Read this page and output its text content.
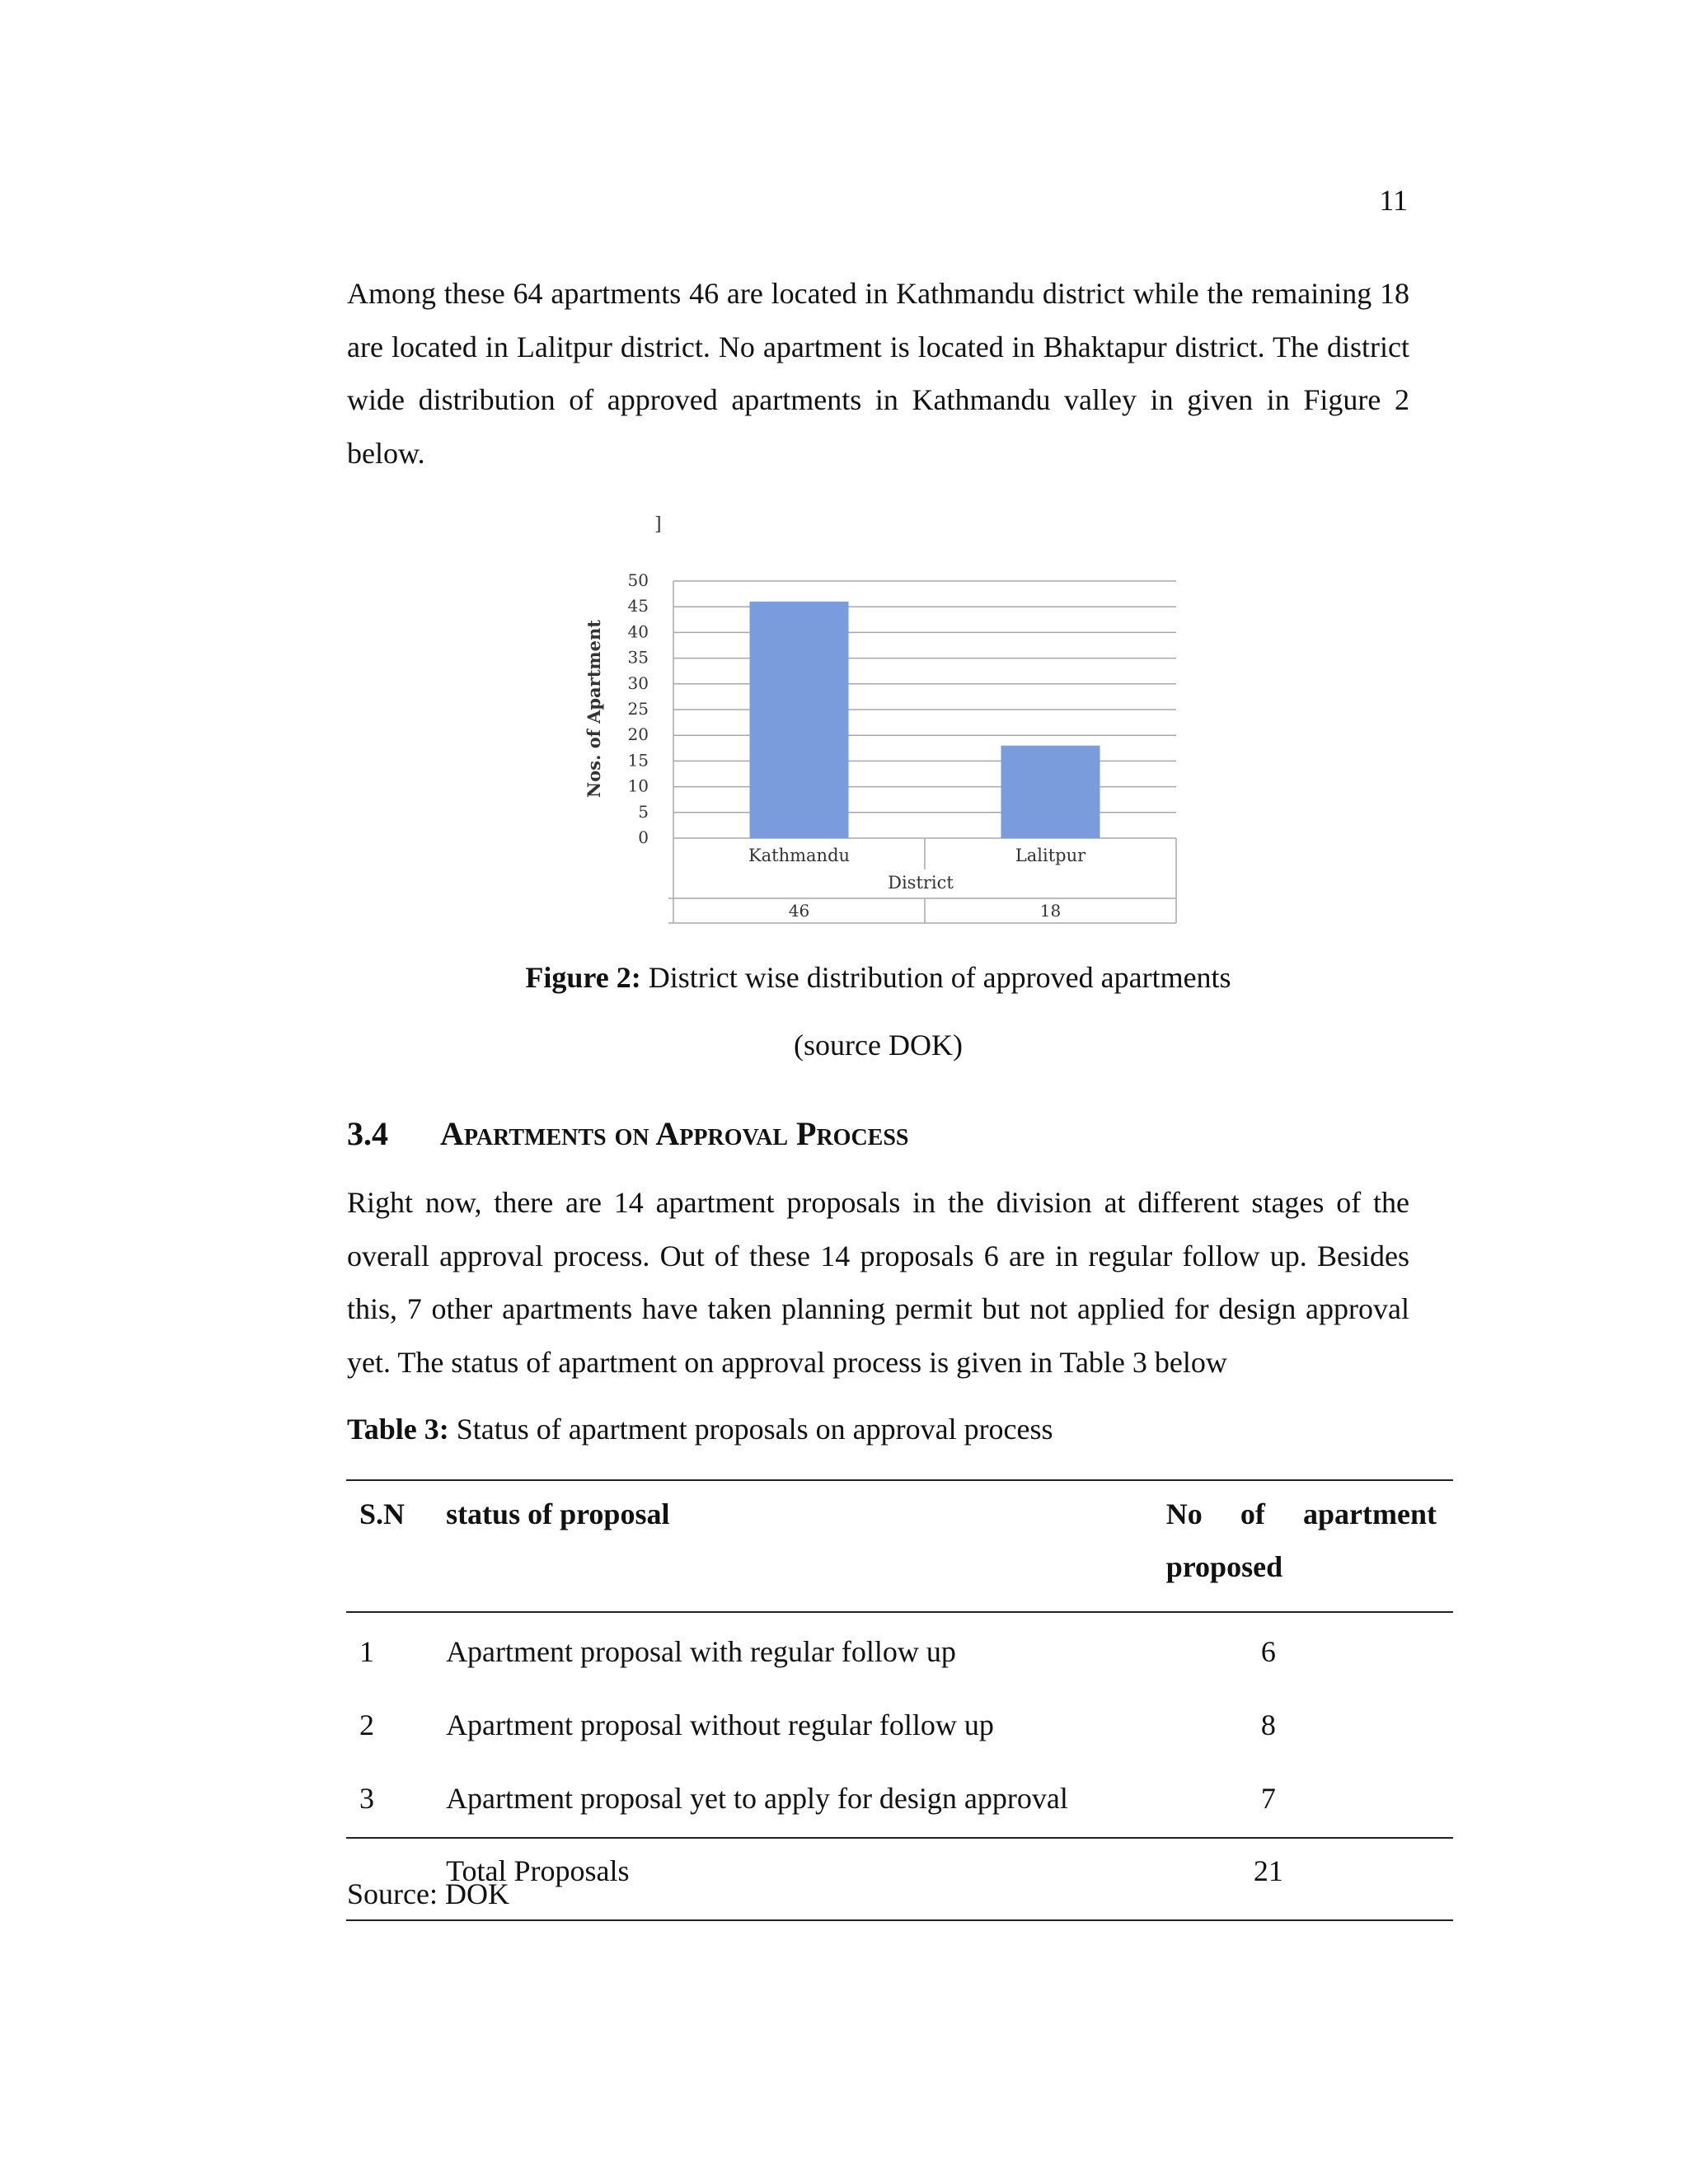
11

Among these 64 apartments 46 are located in Kathmandu district while the remaining 18 are located in Lalitpur district. No apartment is located in Bhaktapur district. The district wide distribution of approved apartments in Kathmandu valley in given in Figure 2 below.

]
0
5
10
15
20
25
30
35
40
45
50
Kathmandu
46
Lalitpur
18
Nos. of Apartment
District
Figure 2: District wise distribution of approved apartments
(source DOK)
3.4 Apartments on Approval Process

Right now, there are 14 apartment proposals in the division at different stages of the overall approval process. Out of these 14 proposals 6 are in regular follow up. Besides this, 7 other apartments have taken planning permit but not applied for design approval yet. The status of apartment on approval process is given in Table 3 below

Table 3: Status of apartment proposals on approval process
S.N	status of proposal	No of apartment
proposed

1	Apartment proposal with regular follow up	6
2	Apartment proposal without regular follow up	8
3	Apartment proposal yet to apply for design approval	7
	Total Proposals	21
Source: DOK
